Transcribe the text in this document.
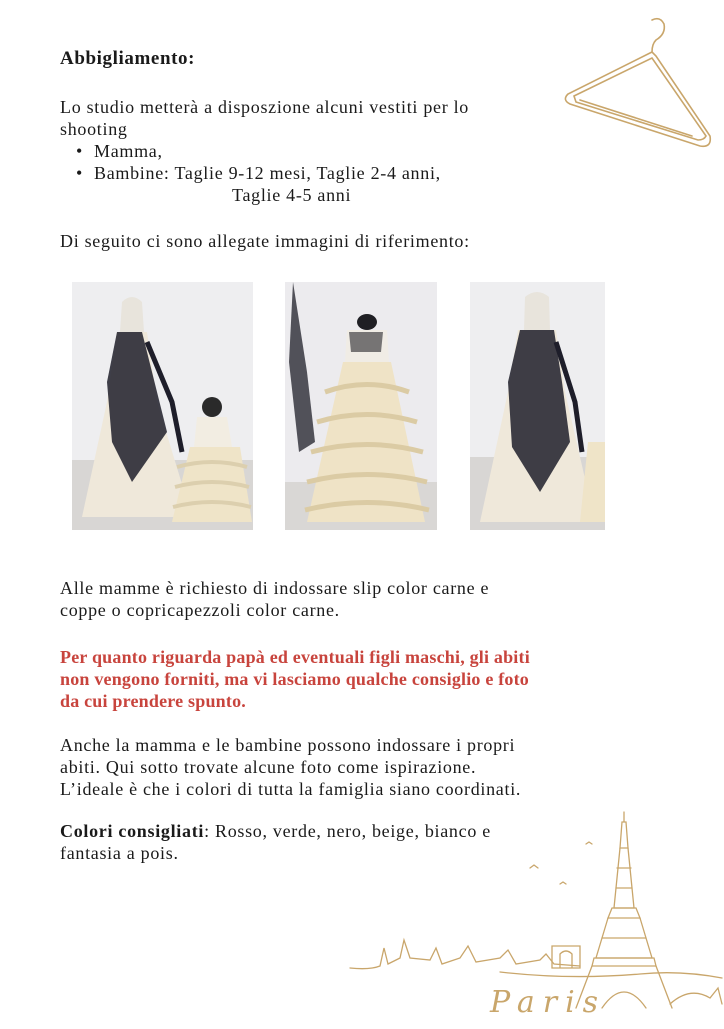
Abbigliamento:
Lo studio metterà a disposzione alcuni vestiti per lo
shooting
• Mamma,
• Bambine: Taglie 9-12 mesi, Taglie 2-4 anni,
Taglie 4-5 anni
Di seguito ci sono allegate immagini di riferimento:
Alle mamme è richiesto di indossare slip color carne e
coppe o copricapezzoli color carne.
Per quanto riguarda papà ed eventuali figli maschi, gli abiti
non vengono forniti, ma vi lasciamo qualche consiglio e foto
da cui prendere spunto.
Anche la mamma e le bambine possono indossare i propri
abiti. Qui sotto trovate alcune foto come ispirazione.
L’ideale è che i colori di tutta la famiglia siano coordinati.
Colori consigliati: Rosso, verde, nero, beige, bianco e
fantasia a pois.
Paris
